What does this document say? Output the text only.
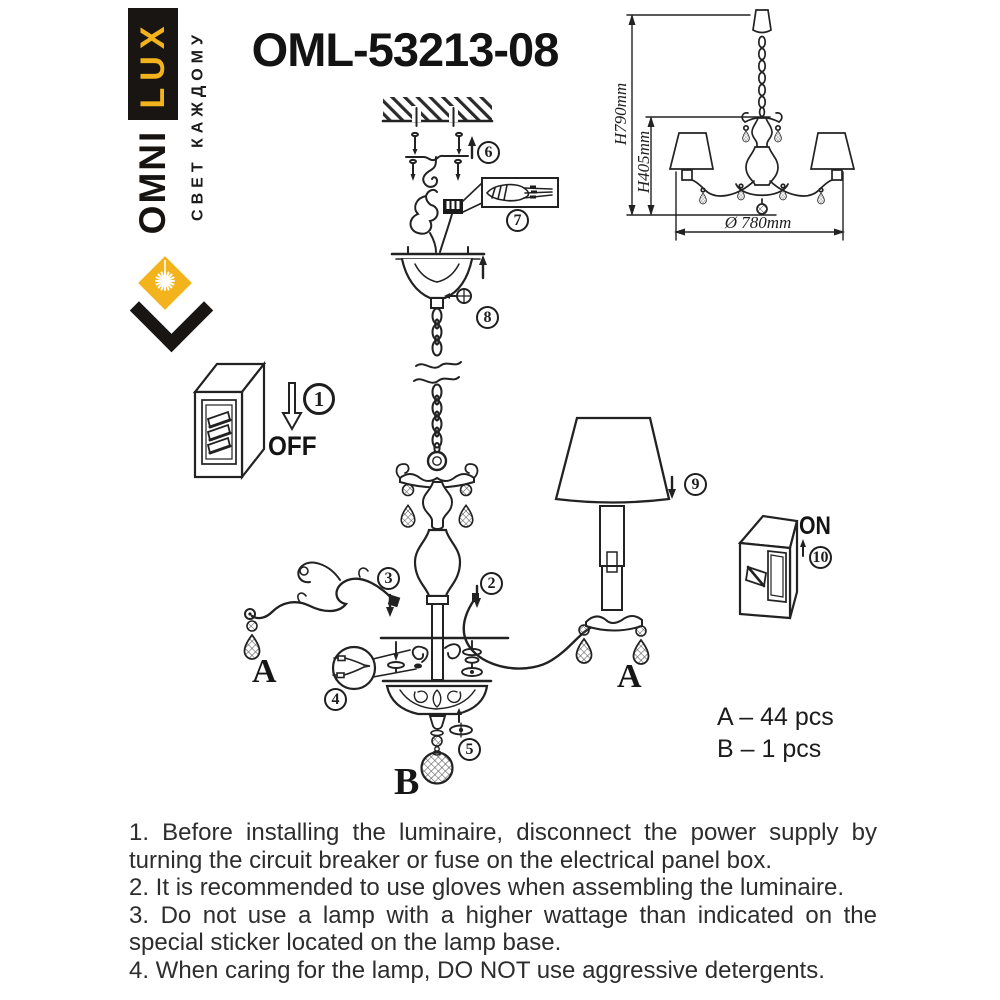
LUX
OMNI	СВЕТ КАЖДОМУ OML-53213-08
H790mm
H405mm
Ø 780mm
1
2
3
4
5
6
7
8
9
10
OFF
ON
A	A
B
A – 44 pcs
B – 1 pcs

1. Before installing the luminaire, disconnect the power supply by turning the circuit breaker or fuse on the electrical panel box.

2. It is recommended to use gloves when assembling the luminaire.

3. Do not use a lamp with a higher wattage than indicated on the special sticker located on the lamp base.

4. When caring for the lamp, DO NOT use aggressive detergents.
